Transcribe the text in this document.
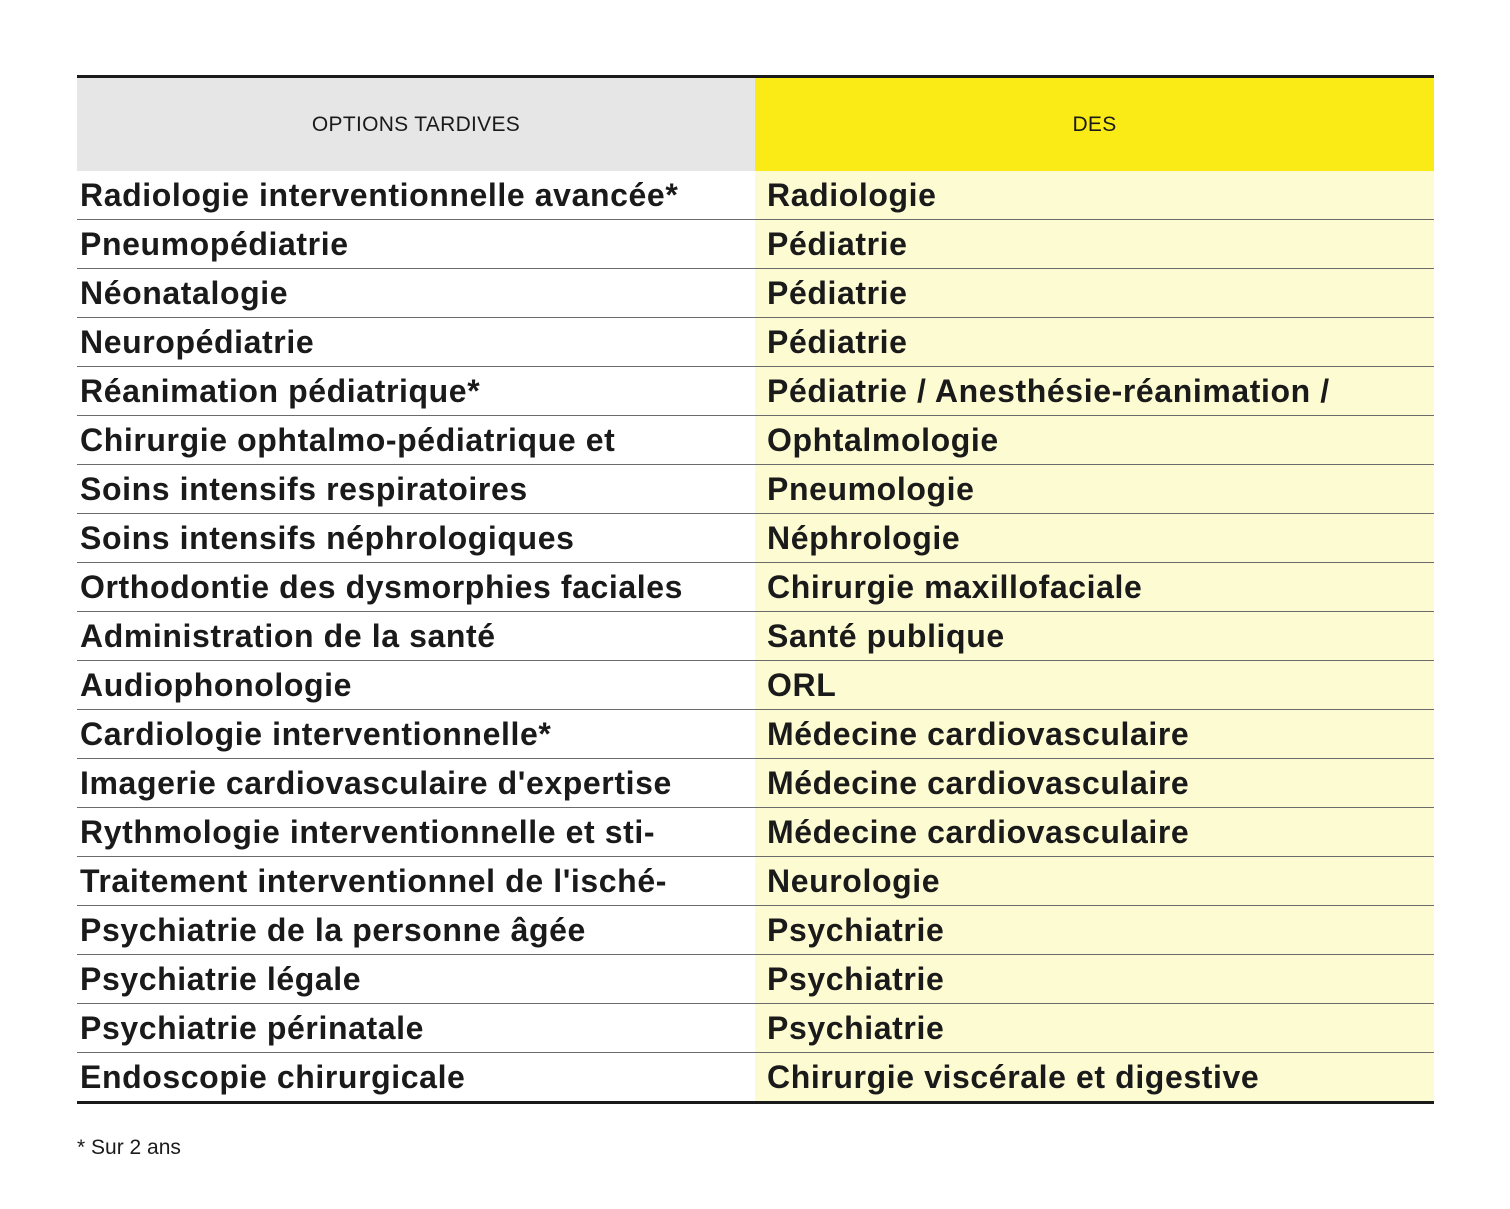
OPTIONS TARDIVES	DES
Radiologie interventionnelle avancée*	Radiologie
Pneumopédiatrie	Pédiatrie
Néonatalogie	Pédiatrie
Neuropédiatrie	Pédiatrie
Réanimation pédiatrique*	Pédiatrie / Anesthésie-réanimation /
Chirurgie ophtalmo-pédiatrique et	Ophtalmologie
Soins intensifs respiratoires	Pneumologie
Soins intensifs néphrologiques	Néphrologie
Orthodontie des dysmorphies faciales	Chirurgie maxillofaciale
Administration de la santé	Santé publique
Audiophonologie	ORL
Cardiologie interventionnelle*	Médecine cardiovasculaire
Imagerie cardiovasculaire d'expertise	Médecine cardiovasculaire
Rythmologie interventionnelle et sti-	Médecine cardiovasculaire
Traitement interventionnel de l'isché-	Neurologie
Psychiatrie de la personne âgée	Psychiatrie
Psychiatrie légale	Psychiatrie
Psychiatrie périnatale	Psychiatrie
Endoscopie chirurgicale	Chirurgie viscérale et digestive
* Sur 2 ans
